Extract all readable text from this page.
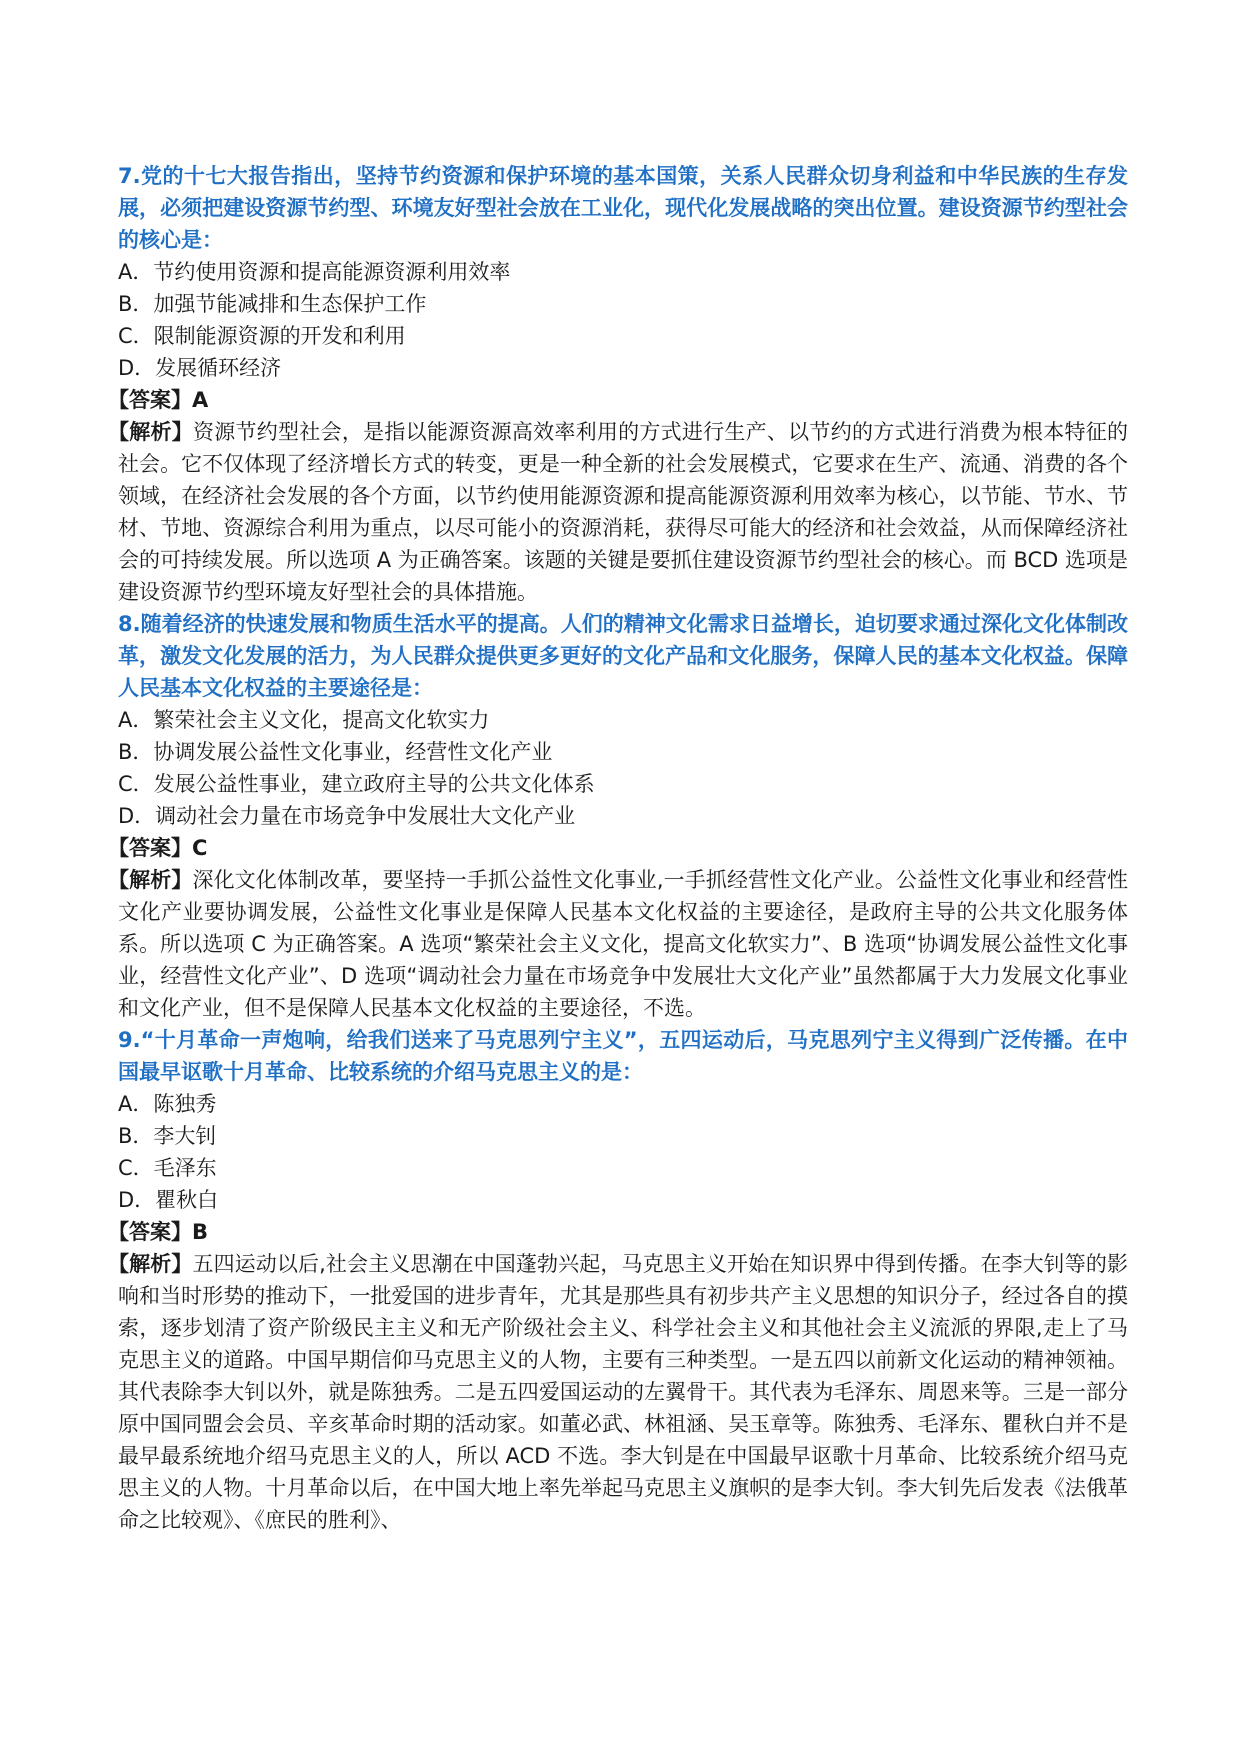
7.党的十七大报告指出，坚持节约资源和保护环境的基本国策，关系人民群众切身利益和中华民族的生存发展，必须把建设资源节约型、环境友好型社会放在工业化，现代化发展战略的突出位置。建设资源节约型社会的核心是：

A．节约使用资源和提高能源资源利用效率

B．加强节能减排和生态保护工作

C．限制能源资源的开发和利用

D．发展循环经济

【答案】A

【解析】资源节约型社会，是指以能源资源高效率利用的方式进行生产、以节约的方式进行消费为根本特征的社会。它不仅体现了经济增长方式的转变，更是一种全新的社会发展模式，它要求在生产、流通、消费的各个领域，在经济社会发展的各个方面，以节约使用能源资源和提高能源资源利用效率为核心，以节能、节水、节材、节地、资源综合利用为重点，以尽可能小的资源消耗，获得尽可能大的经济和社会效益，从而保障经济社会的可持续发展。所以选项 A 为正确答案。该题的关键是要抓住建设资源节约型社会的核心。而 BCD 选项是建设资源节约型环境友好型社会的具体措施。

8.随着经济的快速发展和物质生活水平的提高。人们的精神文化需求日益增长，迫切要求通过深化文化体制改革，激发文化发展的活力，为人民群众提供更多更好的文化产品和文化服务，保障人民的基本文化权益。保障人民基本文化权益的主要途径是：

A．繁荣社会主义文化，提高文化软实力

B．协调发展公益性文化事业，经营性文化产业

C．发展公益性事业，建立政府主导的公共文化体系

D．调动社会力量在市场竞争中发展壮大文化产业

【答案】C

【解析】深化文化体制改革，要坚持一手抓公益性文化事业,一手抓经营性文化产业。公益性文化事业和经营性文化产业要协调发展，公益性文化事业是保障人民基本文化权益的主要途径，是政府主导的公共文化服务体系。所以选项 C 为正确答案。A 选项“繁荣社会主义文化，提高文化软实力”、B 选项“协调发展公益性文化事业，经营性文化产业”、D 选项“调动社会力量在市场竞争中发展壮大文化产业”虽然都属于大力发展文化事业和文化产业，但不是保障人民基本文化权益的主要途径，不选。

9.“十月革命一声炮响，给我们送来了马克思列宁主义”，五四运动后，马克思列宁主义得到广泛传播。在中国最早讴歌十月革命、比较系统的介绍马克思主义的是：

A．陈独秀

B．李大钊

C．毛泽东

D．瞿秋白

【答案】B

【解析】五四运动以后,社会主义思潮在中国蓬勃兴起，马克思主义开始在知识界中得到传播。在李大钊等的影响和当时形势的推动下，一批爱国的进步青年，尤其是那些具有初步共产主义思想的知识分子，经过各自的摸索，逐步划清了资产阶级民主主义和无产阶级社会主义、科学社会主义和其他社会主义流派的界限,走上了马克思主义的道路。中国早期信仰马克思主义的人物，主要有三种类型。一是五四以前新文化运动的精神领袖。其代表除李大钊以外，就是陈独秀。二是五四爱国运动的左翼骨干。其代表为毛泽东、周恩来等。三是一部分原中国同盟会会员、辛亥革命时期的活动家。如董必武、林祖涵、吴玉章等。陈独秀、毛泽东、瞿秋白并不是最早最系统地介绍马克思主义的人，所以 ACD 不选。李大钊是在中国最早讴歌十月革命、比较系统介绍马克思主义的人物。十月革命以后，在中国大地上率先举起马克思主义旗帜的是李大钊。李大钊先后发表《法俄革命之比较观》、《庶民的胜利》、
